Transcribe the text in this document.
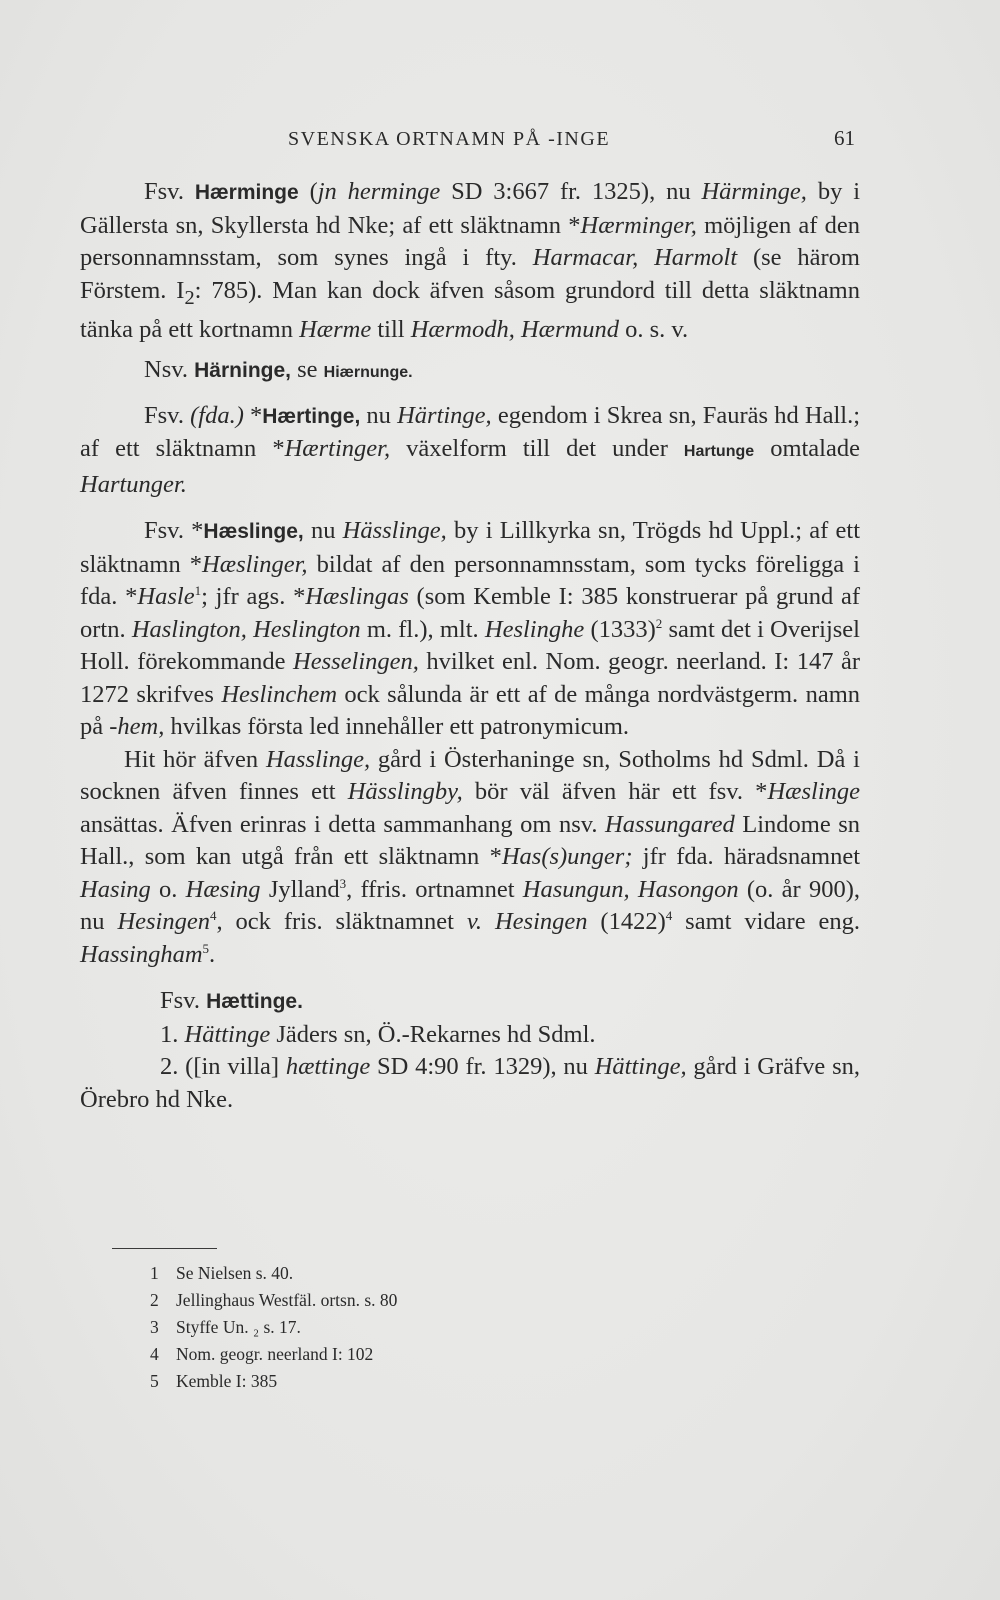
SVENSKA ORTNAMN PÅ -INGE	61

Fsv. Hærminge (jn herminge SD 3:667 fr. 1325), nu Härminge, by i Gällersta sn, Skyllersta hd Nke; af ett släktnamn *Hærminger, möjligen af den personnamnsstam, som synes ingå i fty. Harmacar, Harmolt (se härom Förstem. $I_2$: 785). Man kan dock äfven såsom grundord till detta släktnamn tänka på ett kortnamn Hærme till Hærmodh, Hærmund o. s. v.

Nsv. Härninge, se Hiærnunge.

Fsv. (fda.) *Hærtinge, nu Härtinge, egendom i Skrea sn, Fauräs hd Hall.; af ett släktnamn *Hærtinger, växelform till det under Hartunge omtalade Hartunger.

Fsv. *Hæslinge, nu Hässlinge, by i Lillkyrka sn, Trögds hd Uppl.; af ett släktnamn *Hæslinger, bildat af den personnamnsstam, som tycks föreligga i fda. *Hasle$^1$; jfr ags. *Hæslingas (som Kemble I: 385 konstruerar på grund af ortn. Haslington, Heslington m. fl.), mlt. Heslinghe $(1333)^2$ samt det i Overijsel Holl. förekommande Hesselingen, hvilket enl. Nom. geogr. neerland. I: 147 år 1272 skrifves Heslinchem ock sålunda är ett af de många nordvästgerm. namn på -hem, hvilkas första led innehåller ett patronymicum.

Hit hör äfven Hasslinge, gård i Österhaninge sn, Sotholms hd Sdml. Då i socknen äfven finnes ett Hässlingby, bör väl äfven här ett fsv. *Hæslinge ansättas. Äfven erinras i detta sammanhang om nsv. Hassungared Lindome sn Hall., som kan utgå från ett släktnamn *Has(s)unger; jfr fda. häradsnamnet Hasing o. Hæsing Jylland$^3$, ffris. ortnamnet Hasungun, Hasongon (o. år 900), nu Hesingen$^4$, ock fris. släktnamnet v. Hesingen $(1422)^4$ samt vidare eng. Hassingham$^5$.

Fsv. Hættinge.

1. Hättinge Jäders sn, Ö.-Rekarnes hd Sdml.

2. ([in villa] hættinge SD 4:90 fr. 1329), nu Hättinge, gård i Gräfve sn, Örebro hd Nke.

1 Se Nielsen s. 40.
2 Jellinghaus Westfäl. ortsn. s. 80
3 Styffe Un. ₂ s. 17.
4 Nom. geogr. neerland I: 102
5 Kemble I: 385
